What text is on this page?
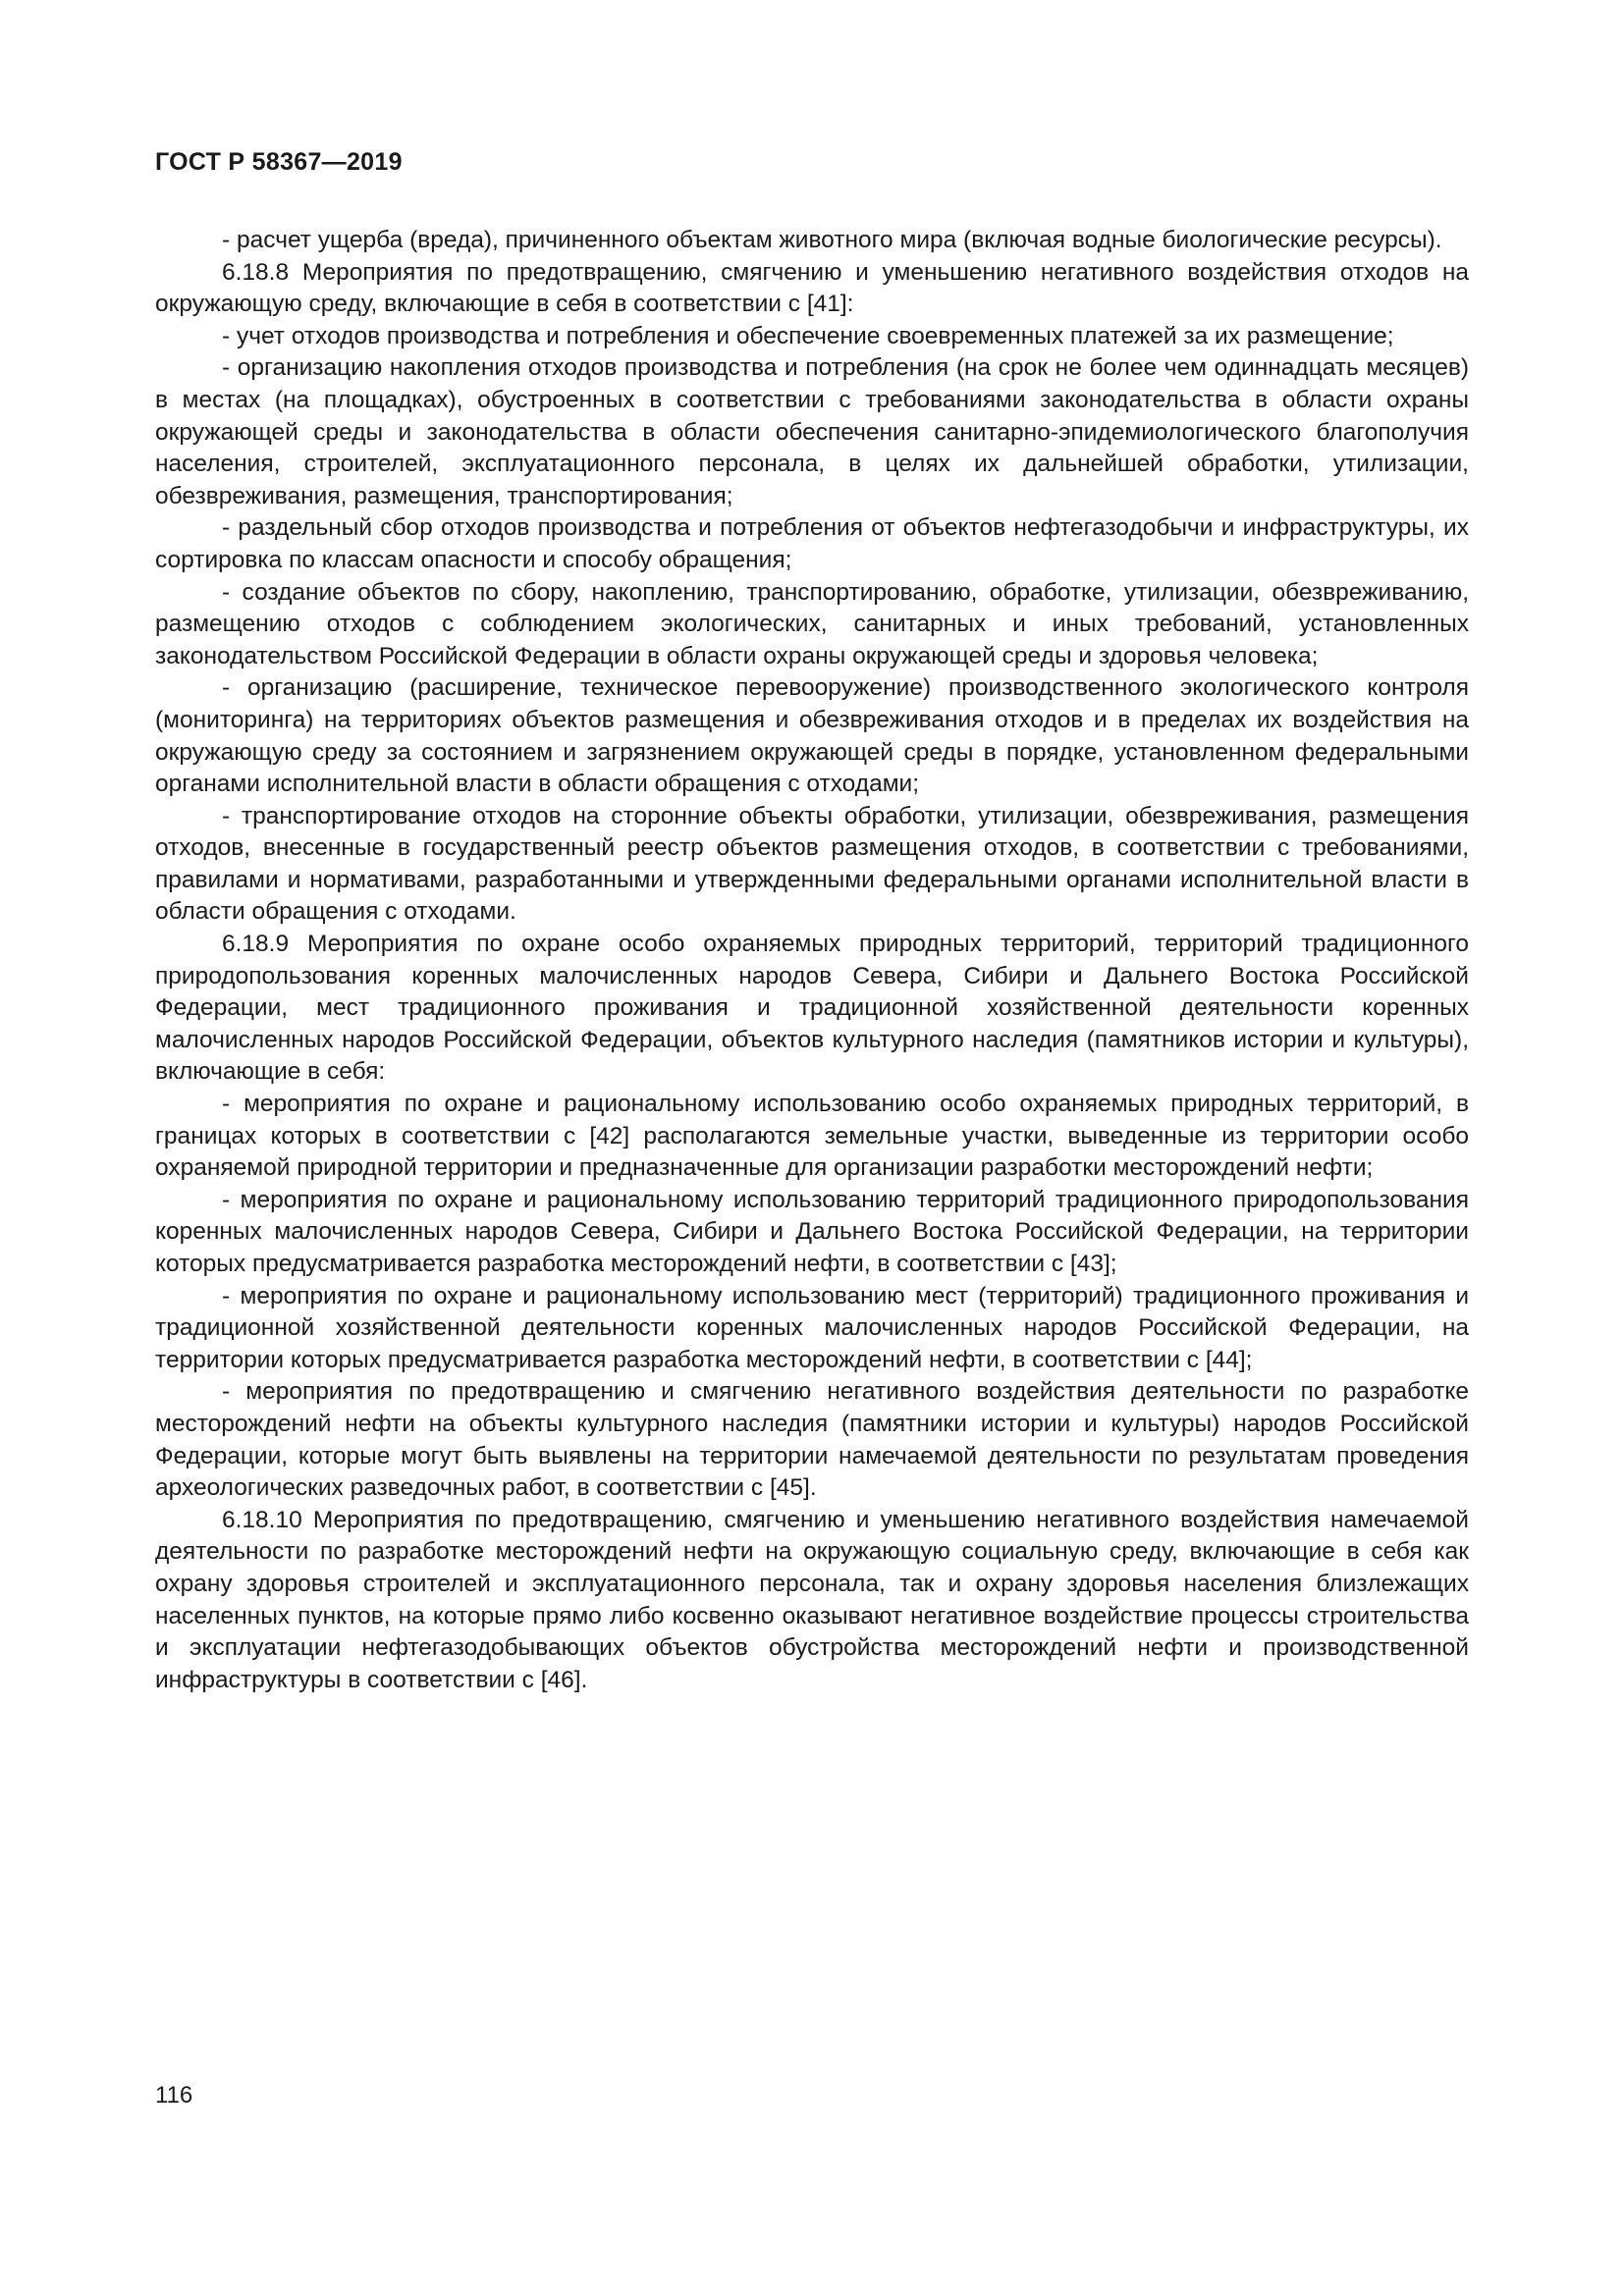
ГОСТ Р 58367—2019

- расчет ущерба (вреда), причиненного объектам животного мира (включая водные биологические ресурсы).

6.18.8 Мероприятия по предотвращению, смягчению и уменьшению негативного воздействия отходов на окружающую среду, включающие в себя в соответствии с [41]:

- учет отходов производства и потребления и обеспечение своевременных платежей за их размещение;

- организацию накопления отходов производства и потребления (на срок не более чем одиннадцать месяцев) в местах (на площадках), обустроенных в соответствии с требованиями законодательства в области охраны окружающей среды и законодательства в области обеспечения санитарно-эпидемиологического благополучия населения, строителей, эксплуатационного персонала, в целях их дальнейшей обработки, утилизации, обезвреживания, размещения, транспортирования;

- раздельный сбор отходов производства и потребления от объектов нефтегазодобычи и инфраструктуры, их сортировка по классам опасности и способу обращения;

- создание объектов по сбору, накоплению, транспортированию, обработке, утилизации, обезвреживанию, размещению отходов с соблюдением экологических, санитарных и иных требований, установленных законодательством Российской Федерации в области охраны окружающей среды и здоровья человека;

- организацию (расширение, техническое перевооружение) производственного экологического контроля (мониторинга) на территориях объектов размещения и обезвреживания отходов и в пределах их воздействия на окружающую среду за состоянием и загрязнением окружающей среды в порядке, установленном федеральными органами исполнительной власти в области обращения с отходами;

- транспортирование отходов на сторонние объекты обработки, утилизации, обезвреживания, размещения отходов, внесенные в государственный реестр объектов размещения отходов, в соответствии с требованиями, правилами и нормативами, разработанными и утвержденными федеральными органами исполнительной власти в области обращения с отходами.

6.18.9 Мероприятия по охране особо охраняемых природных территорий, территорий традиционного природопользования коренных малочисленных народов Севера, Сибири и Дальнего Востока Российской Федерации, мест традиционного проживания и традиционной хозяйственной деятельности коренных малочисленных народов Российской Федерации, объектов культурного наследия (памятников истории и культуры), включающие в себя:

- мероприятия по охране и рациональному использованию особо охраняемых природных территорий, в границах которых в соответствии с [42] располагаются земельные участки, выведенные из территории особо охраняемой природной территории и предназначенные для организации разработки месторождений нефти;

- мероприятия по охране и рациональному использованию территорий традиционного природопользования коренных малочисленных народов Севера, Сибири и Дальнего Востока Российской Федерации, на территории которых предусматривается разработка месторождений нефти, в соответствии с [43];

- мероприятия по охране и рациональному использованию мест (территорий) традиционного проживания и традиционной хозяйственной деятельности коренных малочисленных народов Российской Федерации, на территории которых предусматривается разработка месторождений нефти, в соответствии с [44];

- мероприятия по предотвращению и смягчению негативного воздействия деятельности по разработке месторождений нефти на объекты культурного наследия (памятники истории и культуры) народов Российской Федерации, которые могут быть выявлены на территории намечаемой деятельности по результатам проведения археологических разведочных работ, в соответствии с [45].

6.18.10 Мероприятия по предотвращению, смягчению и уменьшению негативного воздействия намечаемой деятельности по разработке месторождений нефти на окружающую социальную среду, включающие в себя как охрану здоровья строителей и эксплуатационного персонала, так и охрану здоровья населения близлежащих населенных пунктов, на которые прямо либо косвенно оказывают негативное воздействие процессы строительства и эксплуатации нефтегазодобывающих объектов обустройства месторождений нефти и производственной инфраструктуры в соответствии с [46].

116
